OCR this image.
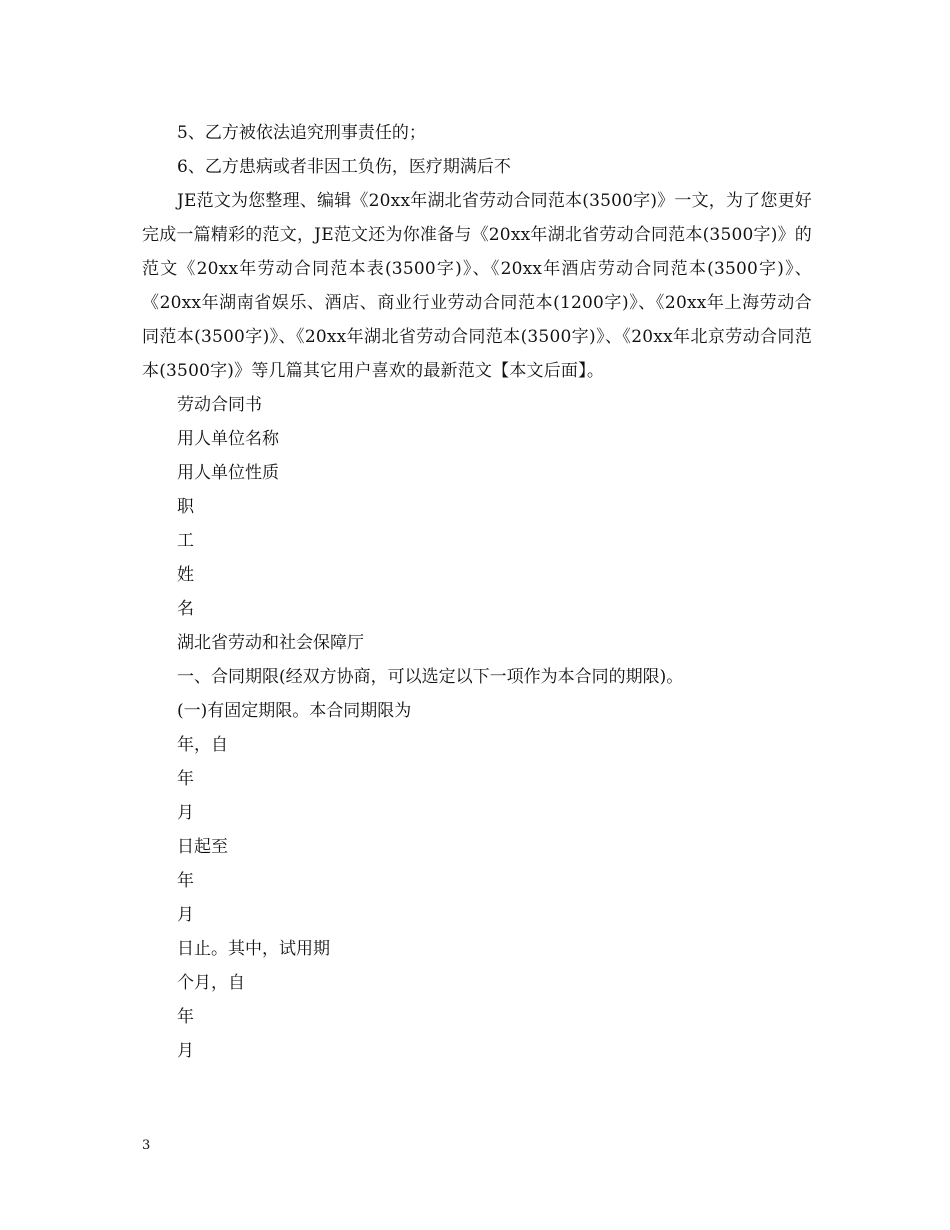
5、乙方被依法追究刑事责任的；

6、乙方患病或者非因工负伤，医疗期满后不

JE范文为您整理、编辑《20xx年湖北省劳动合同范本(3500字)》一文，为了您更好完成一篇精彩的范文，JE范文还为你准备与《20xx年湖北省劳动合同范本(3500字)》的范文《20xx年劳动合同范本表(3500字)》、《20xx年酒店劳动合同范本(3500字)》、《20xx年湖南省娱乐、酒店、商业行业劳动合同范本(1200字)》、《20xx年上海劳动合同范本(3500字)》、《20xx年湖北省劳动合同范本(3500字)》、《20xx年北京劳动合同范本(3500字)》等几篇其它用户喜欢的最新范文【本文后面】。

劳动合同书

用人单位名称

用人单位性质

职

工

姓

名

湖北省劳动和社会保障厅

一、合同期限(经双方协商，可以选定以下一项作为本合同的期限)。

(一)有固定期限。本合同期限为

年，自

年

月

日起至

年

月

日止。其中，试用期

个月，自

年

月

3
